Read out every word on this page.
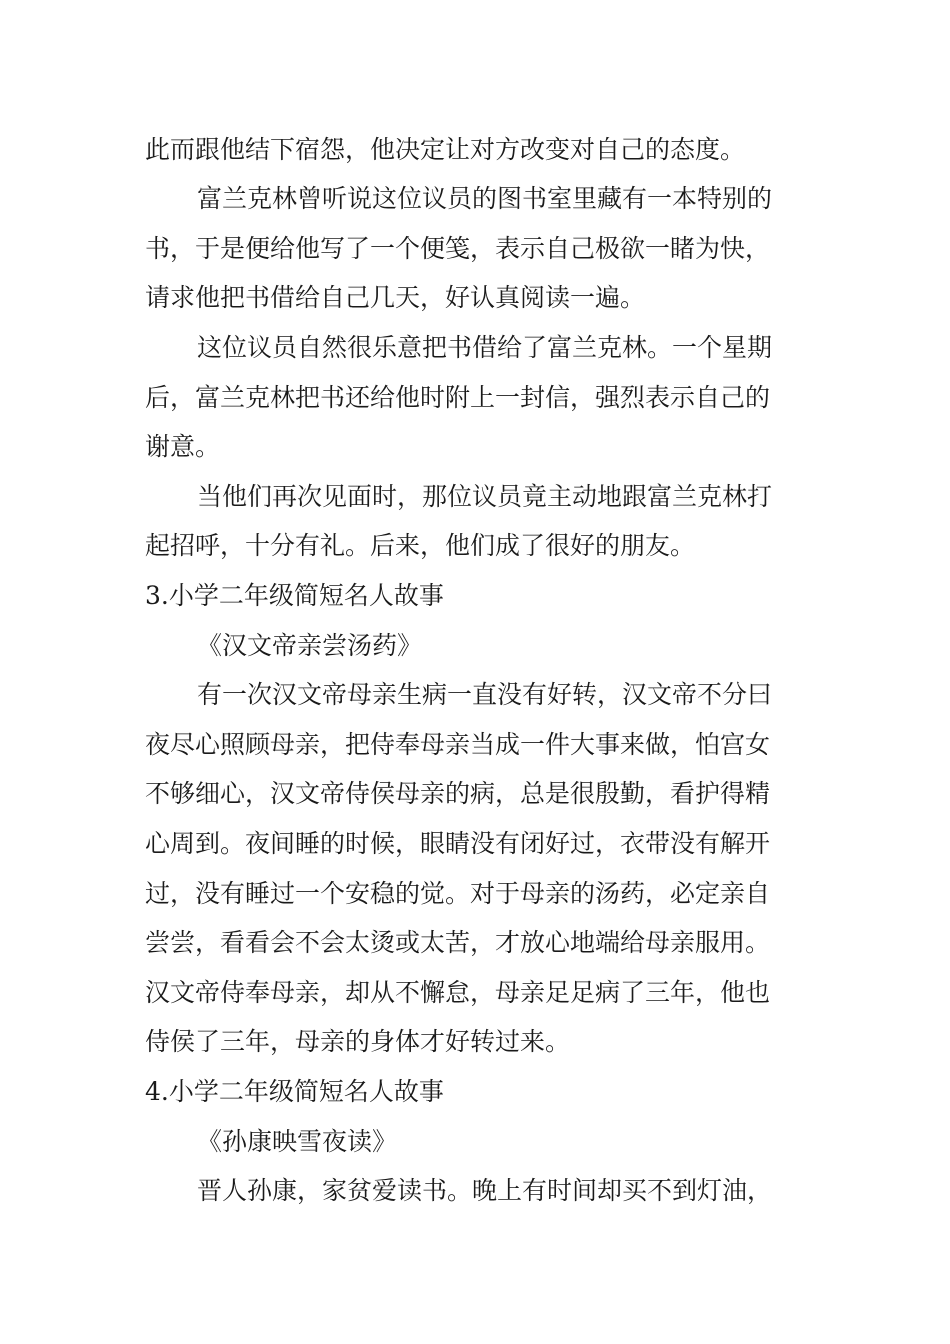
此而跟他结下宿怨，他决定让对方改变对自己的态度。
富兰克林曾听说这位议员的图书室里藏有一本特别的
书，于是便给他写了一个便笺，表示自己极欲一睹为快，
请求他把书借给自己几天，好认真阅读一遍。
这位议员自然很乐意把书借给了富兰克林。一个星期
后，富兰克林把书还给他时附上一封信，强烈表示自己的
谢意。
当他们再次见面时，那位议员竟主动地跟富兰克林打
起招呼，十分有礼。后来，他们成了很好的朋友。
3.小学二年级简短名人故事
《汉文帝亲尝汤药》
有一次汉文帝母亲生病一直没有好转，汉文帝不分曰
夜尽心照顾母亲，把侍奉母亲当成一件大事来做，怕宫女
不够细心，汉文帝侍侯母亲的病，总是很殷勤，看护得精
心周到。夜间睡的时候，眼睛没有闭好过，衣带没有解开
过，没有睡过一个安稳的觉。对于母亲的汤药，必定亲自
尝尝，看看会不会太烫或太苦，才放心地端给母亲服用。
汉文帝侍奉母亲，却从不懈怠，母亲足足病了三年，他也
侍侯了三年，母亲的身体才好转过来。
4.小学二年级简短名人故事
《孙康映雪夜读》
晋人孙康，家贫爱读书。晚上有时间却买不到灯油，
